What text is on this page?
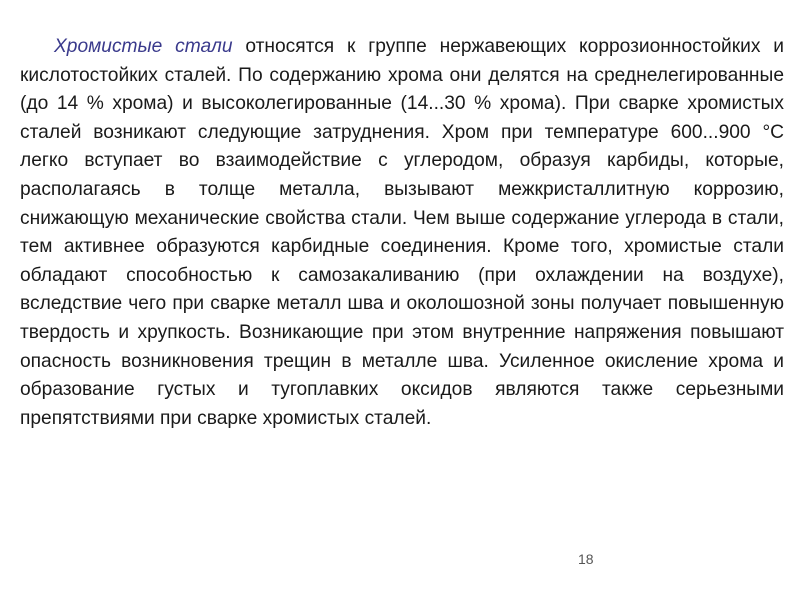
Хромистые стали относятся к группе нержавеющих коррозионностойких и кислотостойких сталей. По содержанию хрома они делятся на среднелегированные (до 14 % хрома) и высоколегированные (14...30 % хрома). При сварке хромистых сталей возникают следующие затруднения. Хром при температуре 600...900 °С легко вступает во взаимодействие с углеродом, образуя карбиды, которые, располагаясь в толще металла, вызывают межкристаллитную коррозию, снижающую механические свойства стали. Чем выше содержание углерода в стали, тем активнее образуются карбидные соединения. Кроме того, хромистые стали обладают способностью к самозакаливанию (при охлаждении на воздухе), вследствие чего при сварке металл шва и околошозной зоны получает повышенную твердость и хрупкость. Возникающие при этом внутренние напряжения повышают опасность возникновения трещин в металле шва. Усиленное окисление хрома и образование густых и тугоплавких оксидов являются также серьезными препятствиями при сварке хромистых сталей.

18
